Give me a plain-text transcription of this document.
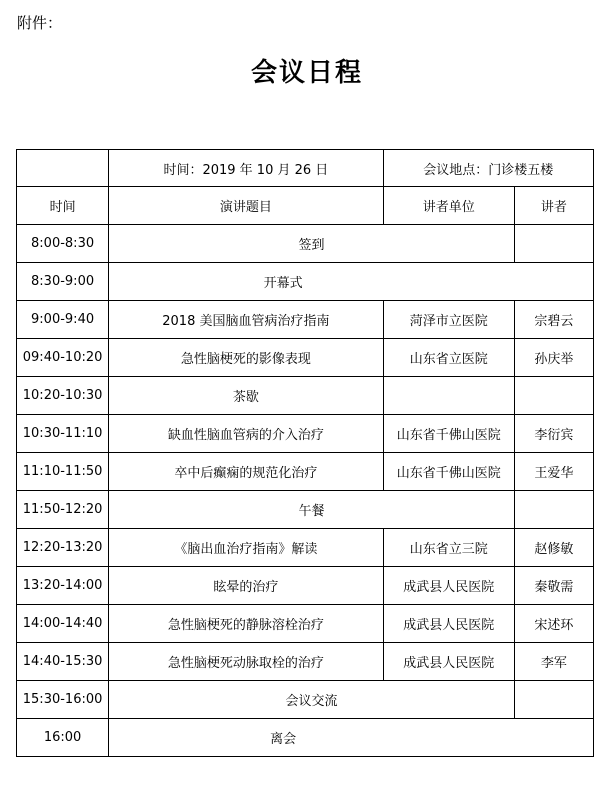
附件：
会议日程
	时间：2019 年 10 月 26 日	会议地点：门诊楼五楼	
时间	演讲题目	讲者单位	讲者
8:00-8:30	签到		
8:30-9:00	开幕式		
9:00-9:40	2018 美国脑血管病治疗指南	菏泽市立医院	宗碧云
09:40-10:20	急性脑梗死的影像表现	山东省立医院	孙庆举
10:20-10:30	茶歇		
10:30-11:10	缺血性脑血管病的介入治疗	山东省千佛山医院	李衍宾
11:10-11:50	卒中后癫痫的规范化治疗	山东省千佛山医院	王爱华
11:50-12:20	午餐		
12:20-13:20	《脑出血治疗指南》解读	山东省立三院	赵修敏
13:20-14:00	眩晕的治疗	成武县人民医院	秦敬需
14:00-14:40	急性脑梗死的静脉溶栓治疗	成武县人民医院	宋述环
14:40-15:30	急性脑梗死动脉取栓的治疗	成武县人民医院	李军
15:30-16:00	会议交流		
16:00	离会		
